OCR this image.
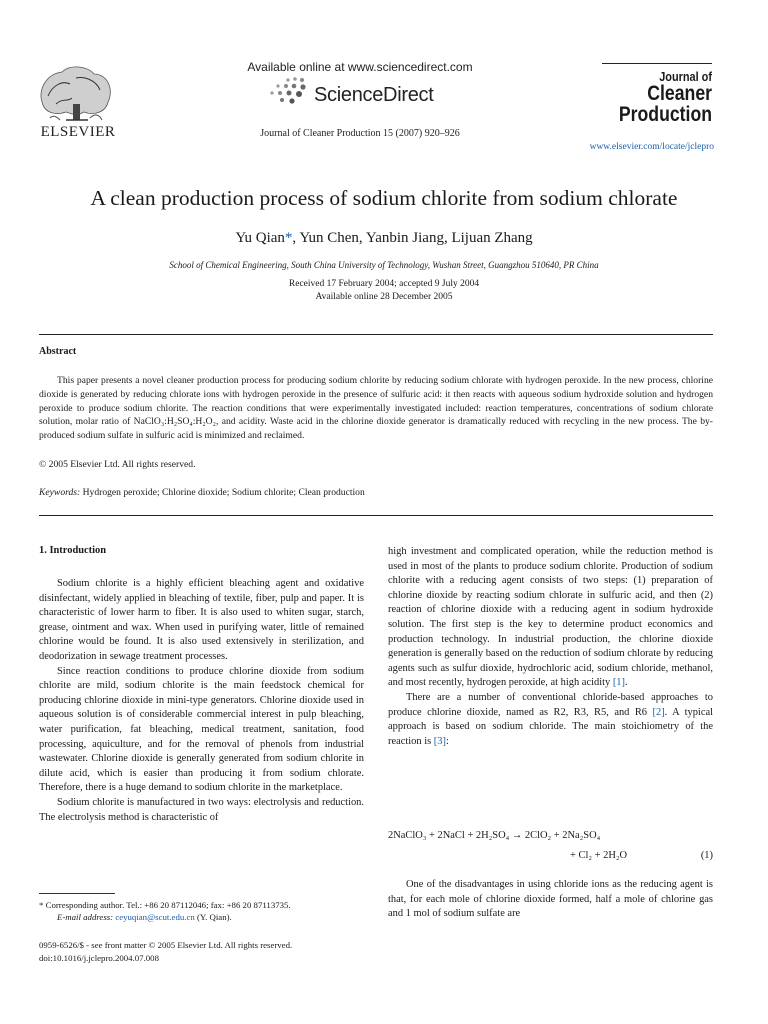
ELSEVIER
Available online at www.sciencedirect.com
ScienceDirect
Journal of Cleaner Production 15 (2007) 920–926
Journal of
Cleaner
Production
www.elsevier.com/locate/jclepro
A clean production process of sodium chlorite from sodium chlorate
Yu Qian*, Yun Chen, Yanbin Jiang, Lijuan Zhang
School of Chemical Engineering, South China University of Technology, Wushan Street, Guangzhou 510640, PR China
Received 17 February 2004; accepted 9 July 2004
Available online 28 December 2005
Abstract

This paper presents a novel cleaner production process for producing sodium chlorite by reducing sodium chlorate with hydrogen peroxide. In the new process, chlorine dioxide is generated by reducing chlorate ions with hydrogen peroxide in the presence of sulfuric acid: it then reacts with aqueous sodium hydroxide solution and hydrogen peroxide to produce sodium chlorite. The reaction conditions that were experimentally investigated included: reaction temperatures, concentrations of sodium chlorate solution, molar ratio of NaClO₃:H₂SO₄:H₂O₂, and acidity. Waste acid in the chlorine dioxide generator is dramatically reduced with recycling in the new process. The by-produced sodium sulfate in sulfuric acid is minimized and reclaimed.

© 2005 Elsevier Ltd. All rights reserved.
Keywords: Hydrogen peroxide; Chlorine dioxide; Sodium chlorite; Clean production
1. Introduction

Sodium chlorite is a highly efficient bleaching agent and oxidative disinfectant, widely applied in bleaching of textile, fiber, pulp and paper. It is characteristic of lower harm to fiber. It is also used to whiten sugar, starch, grease, ointment and wax. When used in purifying water, little of remained chlorine would be found. It is also used extensively in sterilization, and deodorization in sewage treatment processes.

Since reaction conditions to produce chlorine dioxide from sodium chlorite are mild, sodium chlorite is the main feedstock chemical for producing chlorine dioxide in mini-type generators. Chlorine dioxide used in aqueous solution is of considerable commercial interest in pulp bleaching, water purification, fat bleaching, medical treatment, sanitation, food processing, aquiculture, and for the removal of phenols from industrial wastewater. Chlorine dioxide is generally generated from sodium chlorite in dilute acid, which is easier than producing it from sodium chlorate. Therefore, there is a huge demand to sodium chlorite in the marketplace.

Sodium chlorite is manufactured in two ways: electrolysis and reduction. The electrolysis method is characteristic of

high investment and complicated operation, while the reduction method is used in most of the plants to produce sodium chlorite. Production of sodium chlorite with a reducing agent consists of two steps: (1) preparation of chlorine dioxide by reacting sodium chlorate in sulfuric acid, and then (2) reaction of chlorine dioxide with a reducing agent in sodium hydroxide solution. The first step is the key to determine product economics and production technology. In industrial production, the chlorine dioxide generation is generally based on the reduction of sodium chlorate by reducing agents such as sulfur dioxide, hydrochloric acid, sodium chloride, methanol, and most recently, hydrogen peroxide, at high acidity [1].

There are a number of conventional chloride-based approaches to produce chlorine dioxide, named as R2, R3, R5, and R6 [2]. A typical approach is based on sodium chloride. The main stoichiometry of the reaction is [3]:

2NaClO₃ + 2NaCl + 2H₂SO₄ → 2ClO₂ + 2Na₂SO₄
+ Cl₂ + 2H₂O	(1)

One of the disadvantages in using chloride ions as the reducing agent is that, for each mole of chlorine dioxide formed, half a mole of chlorine gas and 1 mol of sodium sulfate are

* Corresponding author. Tel.: +86 20 87112046; fax: +86 20 87113735.
E-mail address: ceyuqian@scut.edu.cn (Y. Qian).
0959-6526/$ - see front matter © 2005 Elsevier Ltd. All rights reserved.
doi:10.1016/j.jclepro.2004.07.008
